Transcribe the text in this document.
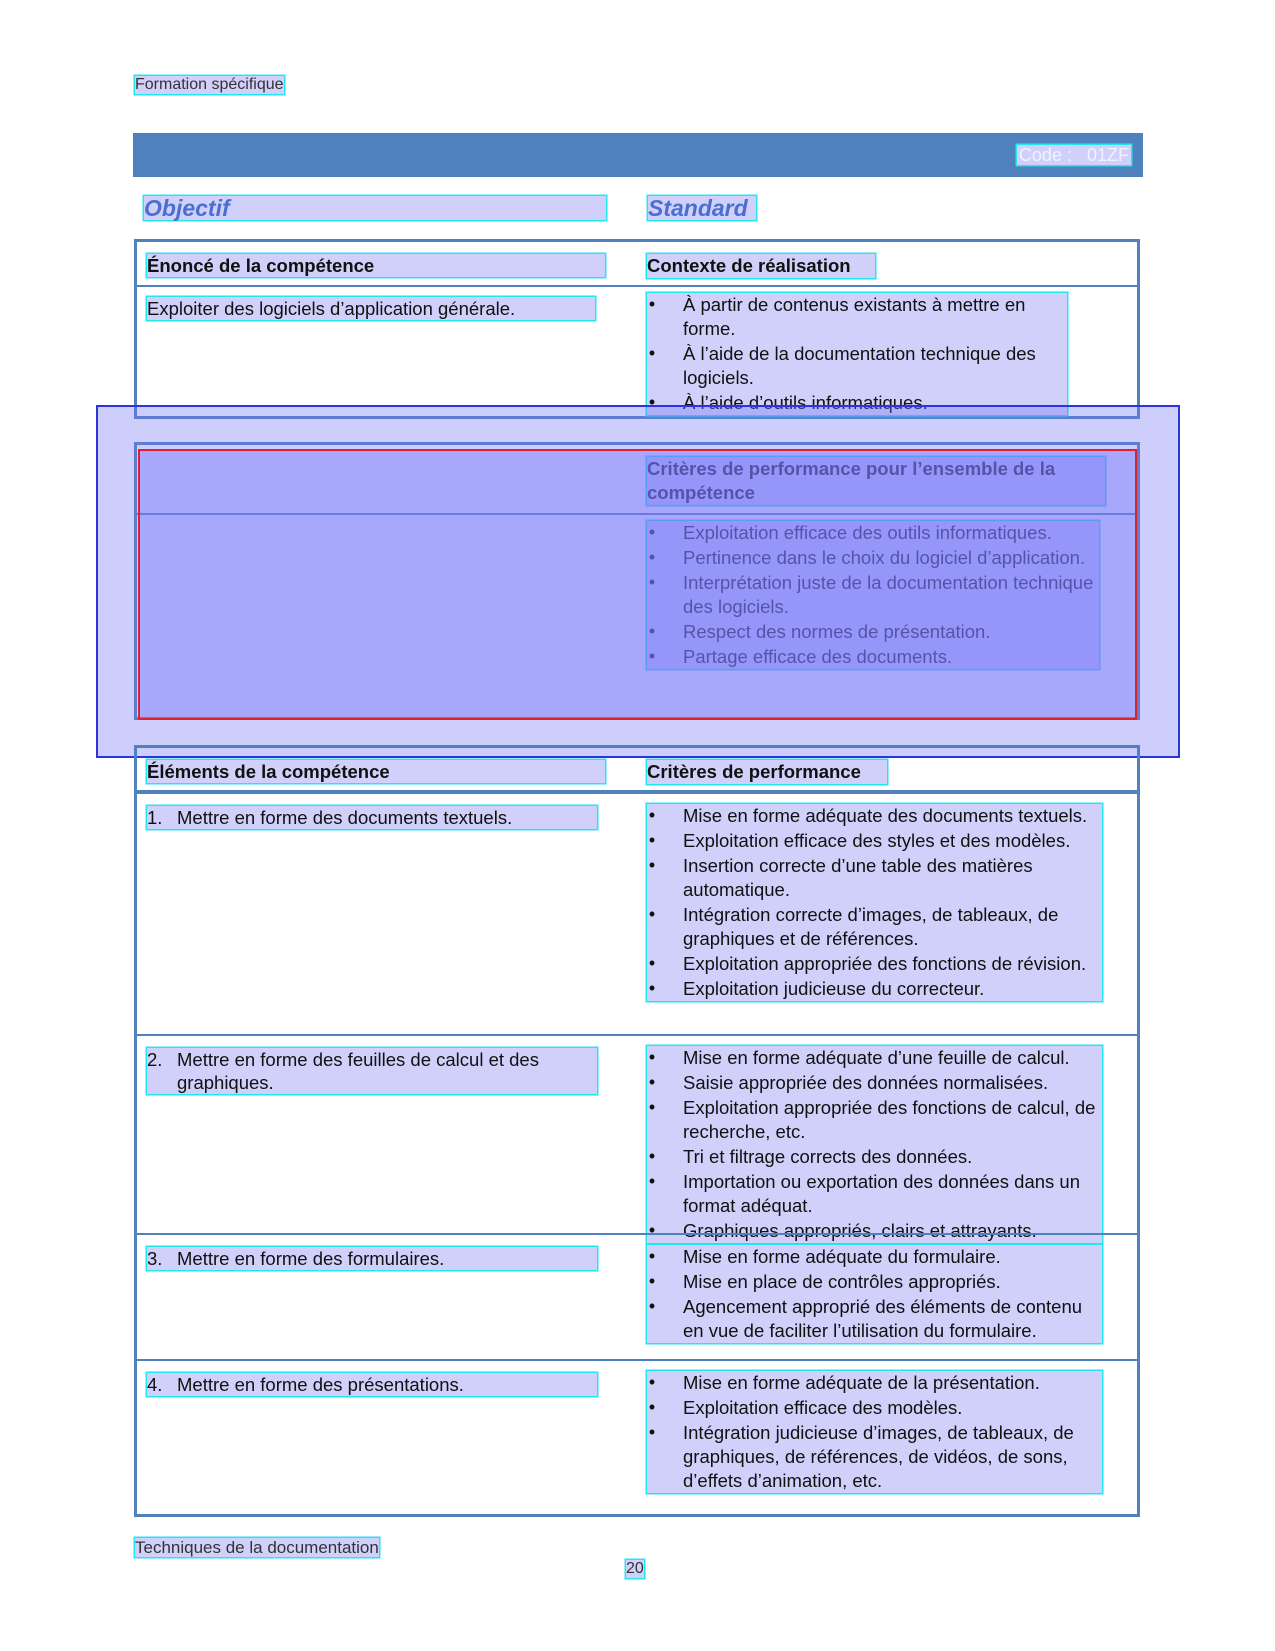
Formation spécifique
Code : 01ZF
Objectif	Standard
Énoncé de la compétence	Contexte de réalisation
Exploiter des logiciels d’application générale.	• À partir de contenus existants à mettre en forme.
• À l’aide de la documentation technique des logiciels.
• À l’aide d’outils informatiques.
Critères de performance pour l’ensemble de la compétence
• Exploitation efficace des outils informatiques.
• Pertinence dans le choix du logiciel d’application.
• Interprétation juste de la documentation technique des logiciels.
• Respect des normes de présentation.
• Partage efficace des documents.
Éléments de la compétence	Critères de performance
1. Mettre en forme des documents textuels.	• Mise en forme adéquate des documents textuels.
• Exploitation efficace des styles et des modèles.
• Insertion correcte d’une table des matières automatique.
• Intégration correcte d’images, de tableaux, de graphiques et de références.
• Exploitation appropriée des fonctions de révision.
• Exploitation judicieuse du correcteur.
2. Mettre en forme des feuilles de calcul et des graphiques.
• Mise en forme adéquate d’une feuille de calcul.
• Saisie appropriée des données normalisées.
• Exploitation appropriée des fonctions de calcul, de recherche, etc.
• Tri et filtrage corrects des données.
• Importation ou exportation des données dans un format adéquat.
• Graphiques appropriés, clairs et attrayants.
3. Mettre en forme des formulaires.	• Mise en forme adéquate du formulaire.
• Mise en place de contrôles appropriés.
• Agencement approprié des éléments de contenu en vue de faciliter l’utilisation du formulaire.
4. Mettre en forme des présentations.	• Mise en forme adéquate de la présentation.
• Exploitation efficace des modèles.
• Intégration judicieuse d’images, de tableaux, de graphiques, de références, de vidéos, de sons, d’effets d’animation, etc.
Techniques de la documentation
20
